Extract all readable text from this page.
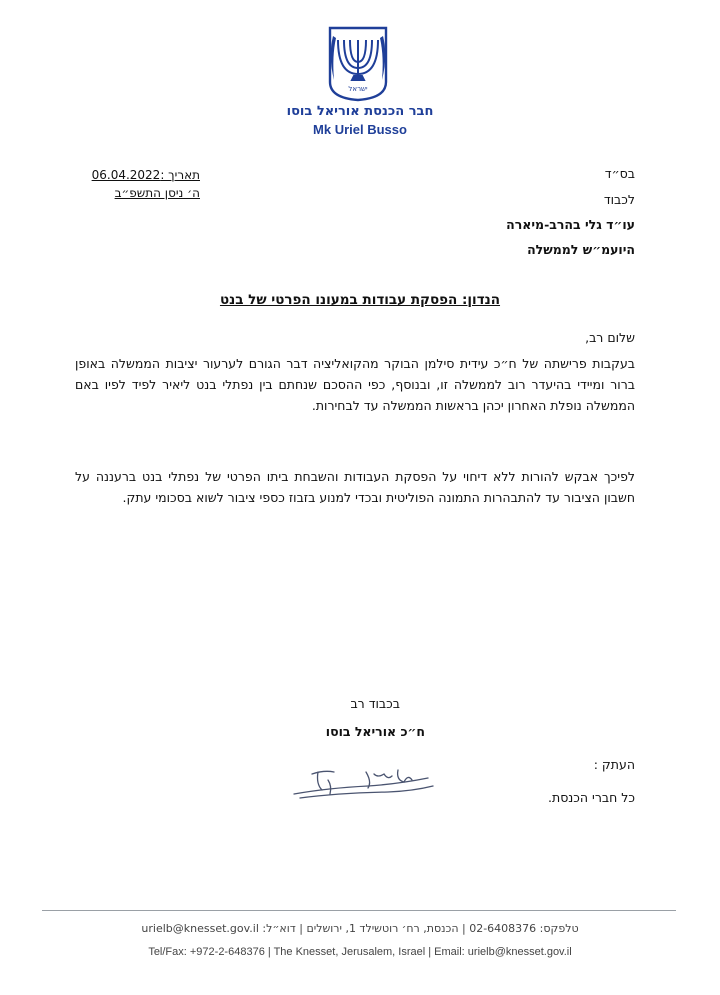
ישראל
חבר הכנסת אוריאל בוסו
Mk Uriel Busso
תאריך :06.04.2022
ה׳ ניסן התשפ״ב
בס״ד
לכבוד
עו״ד גלי בהרב-מיארה
היועמ״ש לממשלה
הנדון: הפסקת עבודות במעונו הפרטי של בנט
שלום רב,
בעקבות פרישתה של ח״כ עידית סילמן הבוקר מהקואליציה דבר הגורם לערעור יציבות הממשלה באופן ברור ומיידי בהיעדר רוב לממשלה זו, ובנוסף, כפי ההסכם שנחתם בין נפתלי בנט ליאיר לפיד לפיו באם הממשלה נופלת האחרון יכהן בראשות הממשלה עד לבחירות.
לפיכך אבקש להורות ללא דיחוי על הפסקת העבודות והשבחת ביתו הפרטי של נפתלי בנט ברעננה על חשבון הציבור עד להתבהרות התמונה הפוליטית ובכדי למנוע בזבוז כספי ציבור לשוא בסכומי עתק.
בכבוד רב
ח״כ אוריאל בוסו
העתק :
כל חברי הכנסת.
טלפקס: 02-6408376 | הכנסת, רח׳ רוטשילד 1, ירושלים | דוא״ל: urielb@knesset.gov.il
Tel/Fax: +972-2-648376 | The Knesset, Jerusalem, Israel | Email: urielb@knesset.gov.il
